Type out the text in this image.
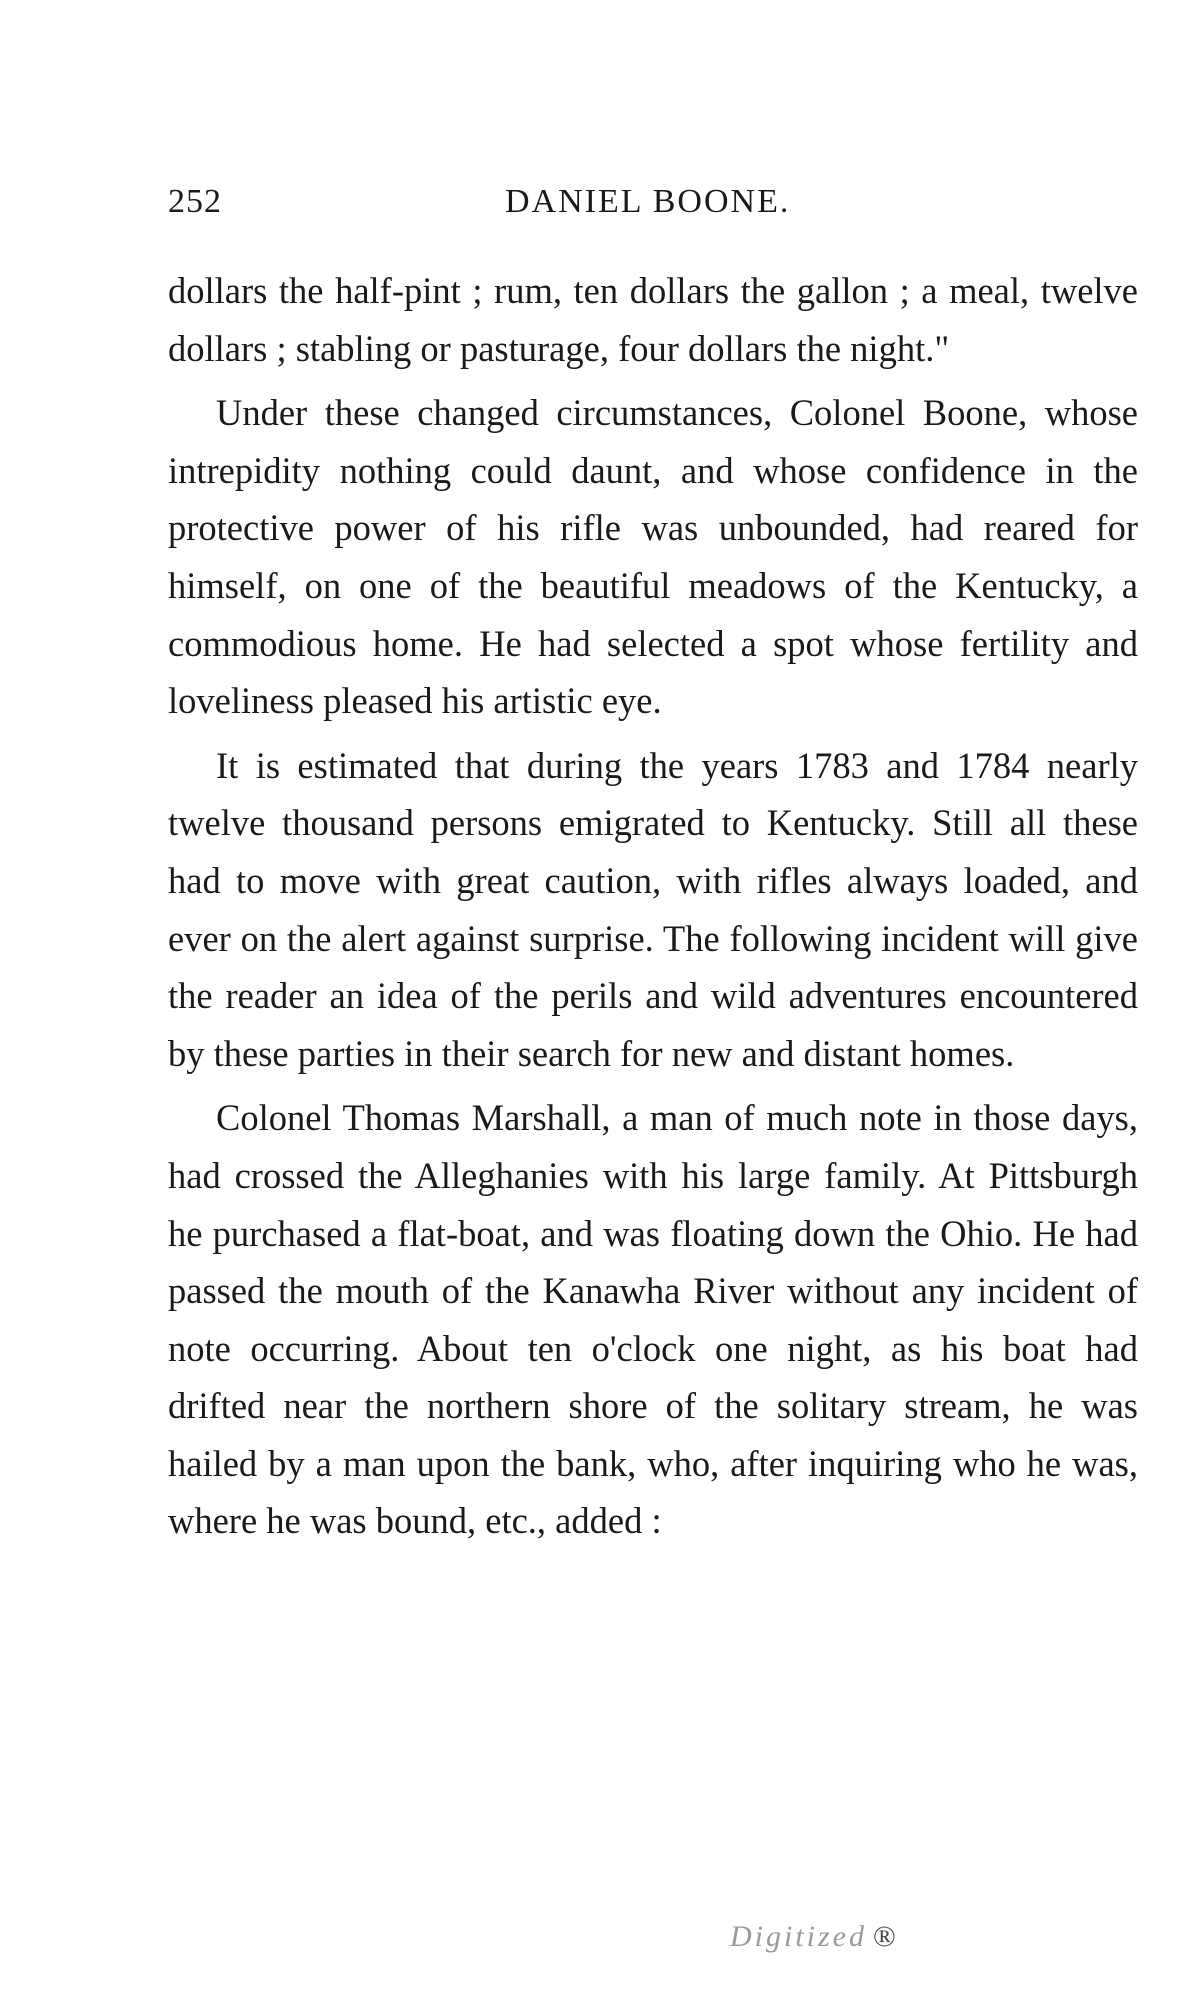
252	DANIEL BOONE.

dollars the half-pint ; rum, ten dollars the gallon ; a meal, twelve dollars ; stabling or pasturage, four dollars the night."

Under these changed circumstances, Colonel Boone, whose intrepidity nothing could daunt, and whose confidence in the protective power of his rifle was unbounded, had reared for himself, on one of the beautiful meadows of the Kentucky, a commodious home. He had selected a spot whose fertility and loveliness pleased his artistic eye.

It is estimated that during the years 1783 and 1784 nearly twelve thousand persons emigrated to Kentucky. Still all these had to move with great caution, with rifles always loaded, and ever on the alert against surprise. The following incident will give the reader an idea of the perils and wild adventures encountered by these parties in their search for new and distant homes.

Colonel Thomas Marshall, a man of much note in those days, had crossed the Alleghanies with his large family. At Pittsburgh he purchased a flat-boat, and was floating down the Ohio. He had passed the mouth of the Kanawha River without any incident of note occurring. About ten o'clock one night, as his boat had drifted near the northern shore of the solitary stream, he was hailed by a man upon the bank, who, after inquiring who he was, where he was bound, etc., added :

Digitized ®
